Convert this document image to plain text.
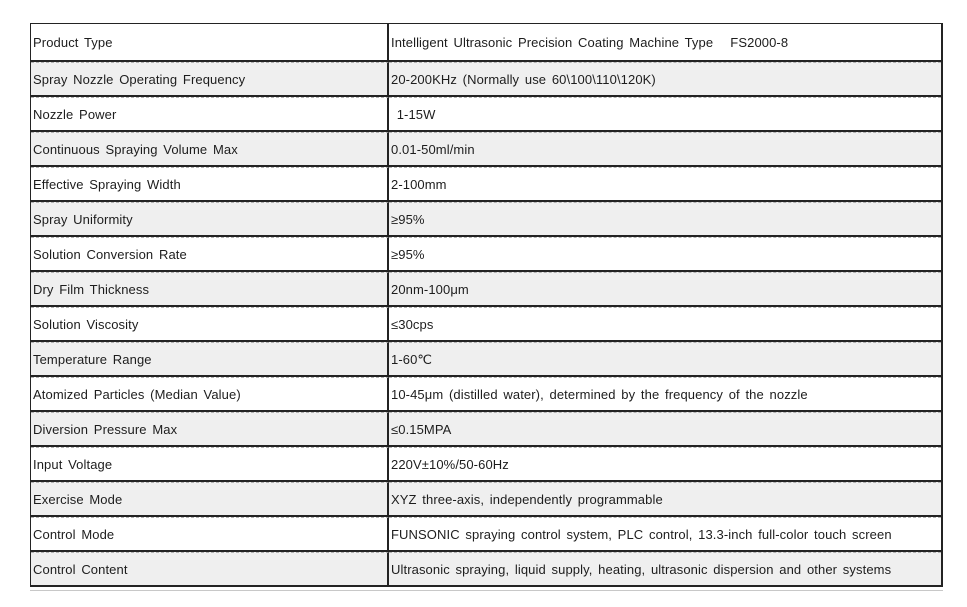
Product Type	Intelligent Ultrasonic Precision Coating Machine Type   FS2000-8
Spray Nozzle Operating Frequency	20-200KHz (Normally use 60\100\110\120K)
Nozzle Power	1-15W
Continuous Spraying Volume Max	0.01-50ml/min
Effective Spraying Width	2-100mm
Spray Uniformity	≥95%
Solution Conversion Rate	≥95%
Dry Film Thickness	20nm-100μm
Solution Viscosity	≤30cps
Temperature Range	1-60℃
Atomized Particles (Median Value)	10-45μm (distilled water), determined by the frequency of the nozzle
Diversion Pressure Max	≤0.15MPA
Input Voltage	220V±10%/50-60Hz
Exercise Mode	XYZ three-axis, independently programmable
Control Mode	FUNSONIC spraying control system, PLC control, 13.3-inch full-color touch screen
Control Content	Ultrasonic spraying, liquid supply, heating, ultrasonic dispersion and other systems
